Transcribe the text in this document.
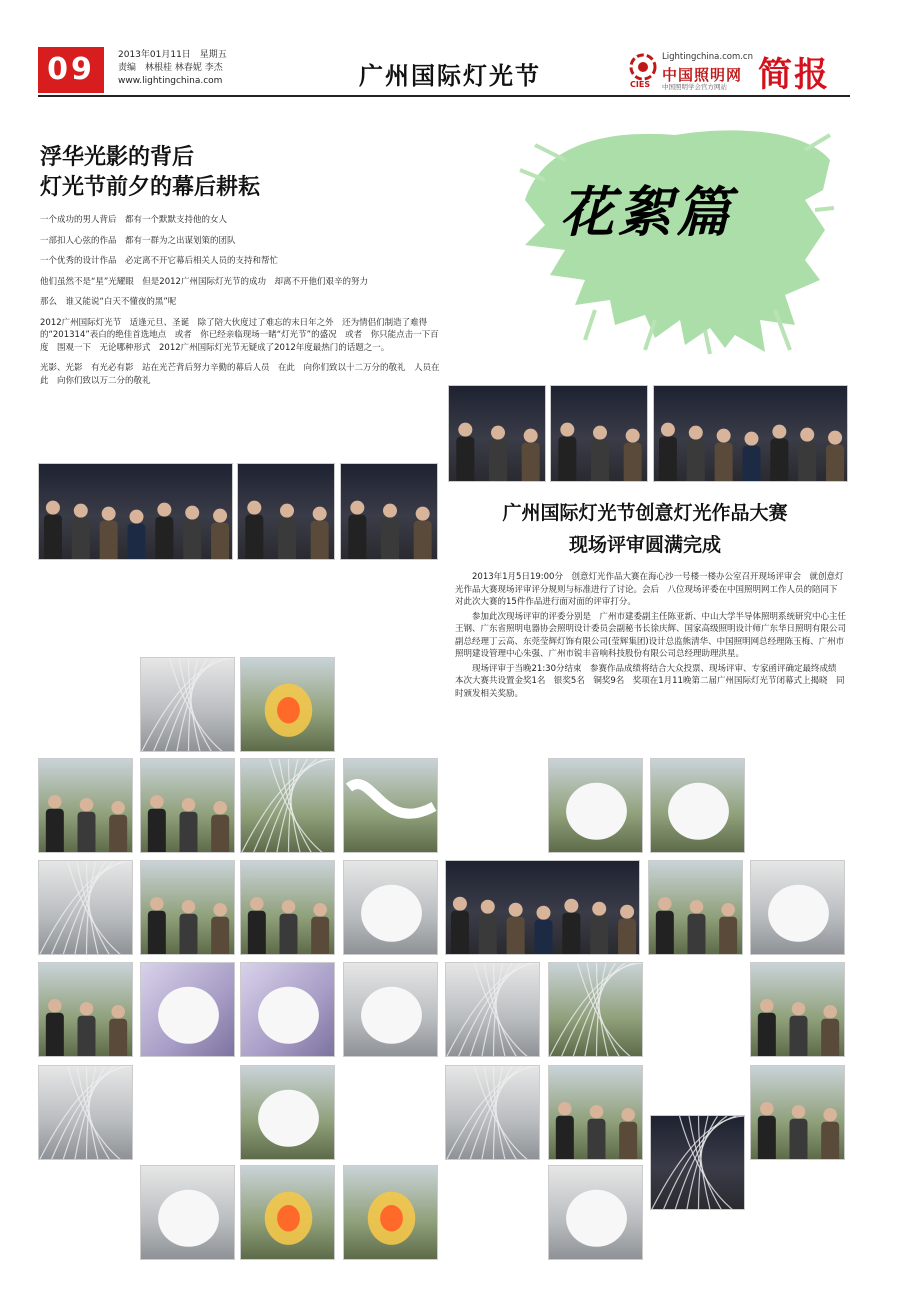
09	2013年01月11日　星期五
责编　林根桂 林春妮 李杰
www.lightingchina.com	广州国际灯光节	CIES
Lightingchina.com.cn
中国照明网
中国照明学会官方网站 简报
浮华光影的背后
灯光节前夕的幕后耕耘
一个成功的男人背后　都有一个默默支持他的女人
一部扣人心弦的作品　都有一群为之出谋划策的团队
一个优秀的设计作品　必定离不开它幕后相关人员的支持和帮忙
他们虽然不是“星”光耀眼　但是2012广州国际灯光节的成功　却离不开他们艰辛的努力
那么　谁又能说“白天不懂夜的黑”呢

2012广州国际灯光节　适逢元旦、圣诞　除了陪大伙度过了难忘的末日年之外　还为情侣们制造了难得的“201314”表白的绝佳首选地点　或者　你已经亲临现场一睹“灯光节”的盛况　或者　你只能点击一下百度　围观一下　无论哪种形式　2012广州国际灯光节无疑成了2012年度最热门的话题之一。

光影、光影　有光必有影　站在光芒背后努力辛勤的幕后人员　在此　向你们致以十二万分的敬礼　人员在此　向你们致以万二分的敬礼

花絮篇
广州国际灯光节创意灯光作品大赛
现场评审圆满完成

2013年1月5日19:00分　创意灯光作品大赛在海心沙一号楼一楼办公室召开现场评审会　就创意灯光作品大赛现场评审评分规则与标准进行了讨论。会后　八位现场评委在中国照明网工作人员的陪同下　对此次大赛的15件作品进行面对面的评审打分。

参加此次现场评审的评委分别是　广州市建委副主任陈亚新、中山大学半导体照明系统研究中心主任王钢、广东省照明电器协会照明设计委员会副秘书长徐庆辉、国家高级照明设计师广东华日照明有限公司副总经理丁云高、东莞莹辉灯饰有限公司(莹辉集团)设计总监熊清华、中国照明网总经理陈玉梅、广州市照明建设管理中心朱强、广州市锐丰音响科技股份有限公司总经理助理洪星。

现场评审于当晚21:30分结束　参赛作品成绩将结合大众投票、现场评审、专家函评确定最终成绩　本次大赛共设置金奖1名　银奖5名　铜奖9名　奖项在1月11晚第二届广州国际灯光节闭幕式上揭晓　同时颁发相关奖励。
